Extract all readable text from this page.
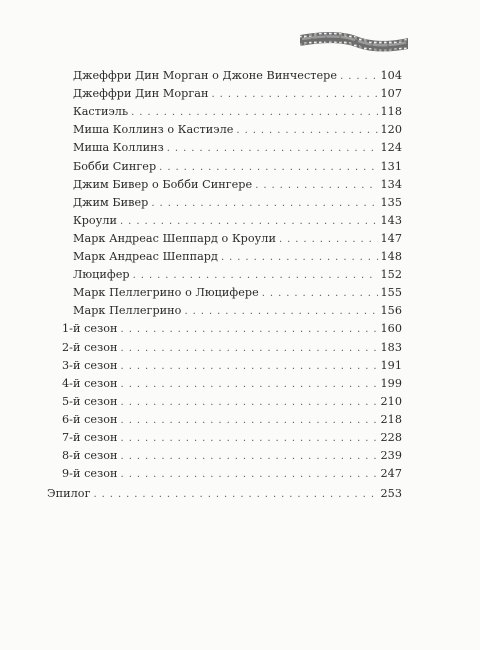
Джеффри Дин Морган о Джоне Винчестере . . .	104
Джеффри Дин Морган . . .	107
Кастиэль . . .	118
Миша Коллинз о Кастиэле . . .	120
Миша Коллинз . . .	124
Бобби Сингер . . .	131
Джим Бивер о Бобби Сингере . . .	134
Джим Бивер . . .	135
Кроули . . .	143
Марк Андреас Шеппард о Кроули . . .	147
Марк Андреас Шеппард . . .	148
Люцифер . . .	152
Марк Пеллегрино о Люцифере . . .	155
Марк Пеллегрино . . .	156
1-й сезон . . .	160
2-й сезон . . .	183
3-й сезон . . .	191
4-й сезон . . .	199
5-й сезон . . .	210
6-й сезон . . .	218
7-й сезон . . .	228
8-й сезон . . .	239
9-й сезон . . .	247
Эпилог . . .	253
